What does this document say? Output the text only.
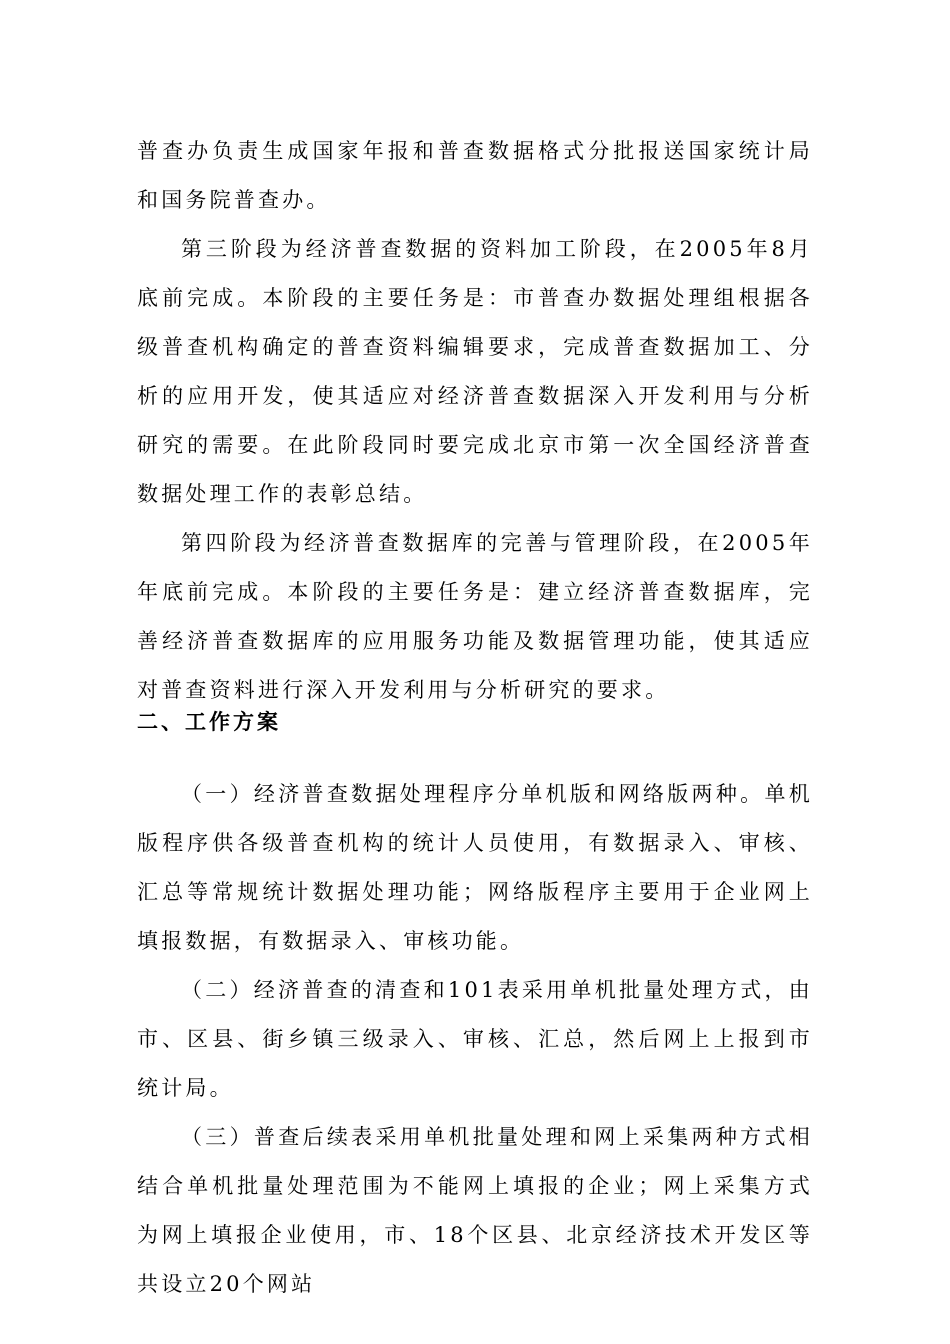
普查办负责生成国家年报和普查数据格式分批报送国家统计局和国务院普查办。

第三阶段为经济普查数据的资料加工阶段，在2005年8月底前完成。本阶段的主要任务是：市普查办数据处理组根据各级普查机构确定的普查资料编辑要求，完成普查数据加工、分析的应用开发，使其适应对经济普查数据深入开发利用与分析研究的需要。在此阶段同时要完成北京市第一次全国经济普查数据处理工作的表彰总结。

第四阶段为经济普查数据库的完善与管理阶段，在2005年年底前完成。本阶段的主要任务是：建立经济普查数据库，完善经济普查数据库的应用服务功能及数据管理功能，使其适应对普查资料进行深入开发利用与分析研究的要求。

二、工作方案

（一）经济普查数据处理程序分单机版和网络版两种。单机版程序供各级普查机构的统计人员使用，有数据录入、审核、汇总等常规统计数据处理功能；网络版程序主要用于企业网上填报数据，有数据录入、审核功能。

（二）经济普查的清查和101表采用单机批量处理方式，由市、区县、街乡镇三级录入、审核、汇总，然后网上上报到市统计局。

（三）普查后续表采用单机批量处理和网上采集两种方式相结合单机批量处理范围为不能网上填报的企业；网上采集方式为网上填报企业使用，市、18个区县、北京经济技术开发区等共设立20个网站
